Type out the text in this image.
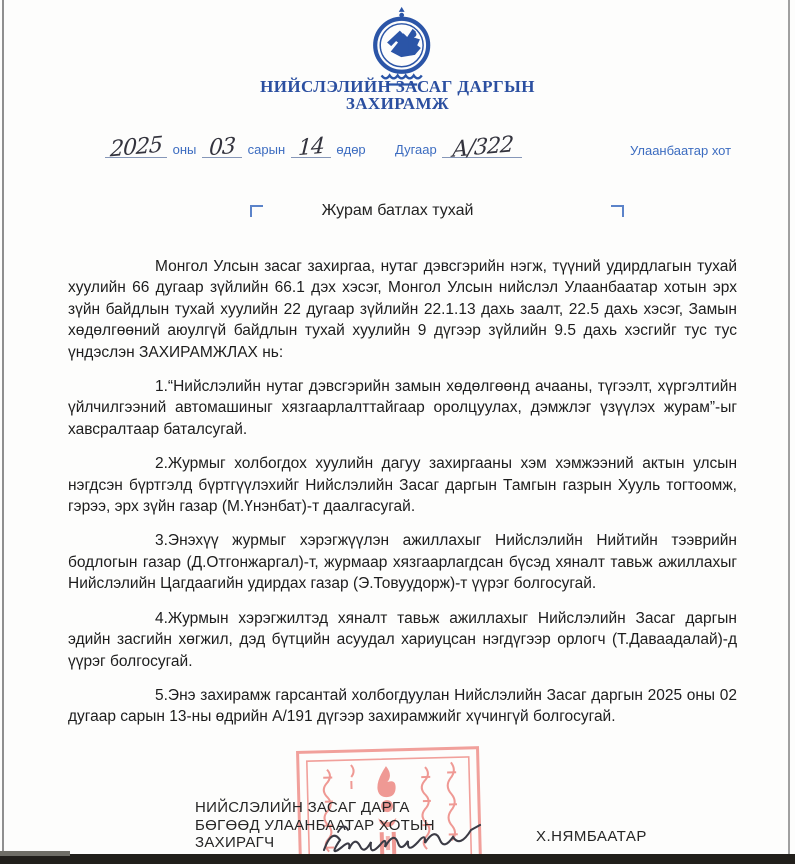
НИЙСЛЭЛИЙН ЗАСАГ ДАРГЫН
ЗАХИРАМЖ
2025 оны 03 сарын 14 өдөр Дугаар А/322	Улаанбаатар хот
Журам батлах тухай

Монгол Улсын засаг захиргаа, нутаг дэвсгэрийн нэгж, түүний удирдлагын тухай хуулийн 66 дугаар зүйлийн 66.1 дэх хэсэг, Монгол Улсын нийслэл Улаанбаатар хотын эрх зүйн байдлын тухай хуулийн 22 дугаар зүйлийн 22.1.13 дахь заалт, 22.5 дахь хэсэг, Замын хөдөлгөөний аюулгүй байдлын тухай хуулийн 9 дүгээр зүйлийн 9.5 дахь хэсгийг тус тус үндэслэн ЗАХИРАМЖЛАХ нь:

1.“Нийслэлийн нутаг дэвсгэрийн замын хөдөлгөөнд ачааны, түгээлт, хүргэлтийн үйлчилгээний автомашиныг хязгаарлалттайгаар оролцуулах, дэмжлэг үзүүлэх журам”-ыг хавсралтаар баталсугай.

2.Журмыг холбогдох хуулийн дагуу захиргааны хэм хэмжээний актын улсын нэгдсэн бүртгэлд бүртгүүлэхийг Нийслэлийн Засаг даргын Тамгын газрын Хууль тогтоомж, гэрээ, эрх зүйн газар (М.Үнэнбат)-т даалгасугай.

3.Энэхүү журмыг хэрэгжүүлэн ажиллахыг Нийслэлийн Нийтийн тээврийн бодлогын газар (Д.Отгонжаргал)-т, журмаар хязгаарлагдсан бүсэд хяналт тавьж ажиллахыг Нийслэлийн Цагдаагийн удирдах газар (Э.Товуудорж)-т үүрэг болгосугай.

4.Журмын хэрэгжилтэд хяналт тавьж ажиллахыг Нийслэлийн Засаг даргын эдийн засгийн хөгжил, дэд бүтцийн асуудал хариуцсан нэгдүгээр орлогч (Т.Даваадалай)-д үүрэг болгосугай.

5.Энэ захирамж гарсантай холбогдуулан Нийслэлийн Засаг даргын 2025 оны 02 дугаар сарын 13-ны өдрийн А/191 дүгээр захирамжийг хүчингүй болгосугай.

НИЙСЛЭЛИЙН ЗАСАГ ДАРГА
БӨГӨӨД УЛААНБААТАР ХОТЫН
ЗАХИРАГЧ	Х.НЯМБААТАР
